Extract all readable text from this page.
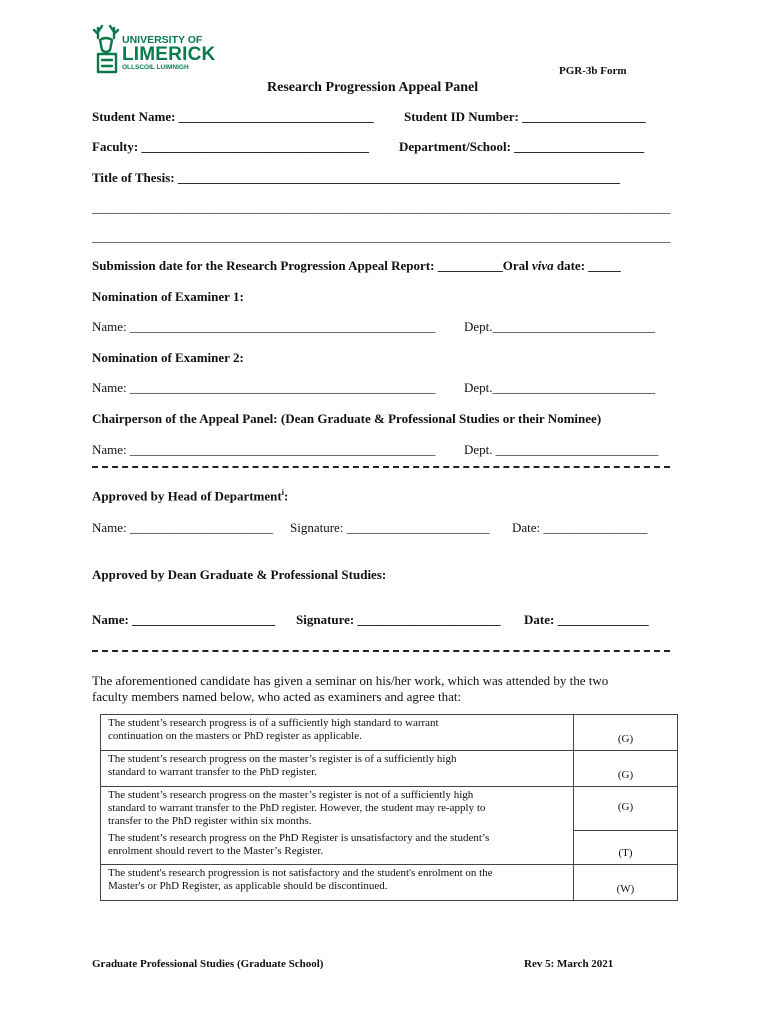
UNIVERSITY OF
LIMERICK
OLLSCOIL LUIMNIGH	PGR-3b Form
Research Progression Appeal Panel
Student Name: ______________________________ Student ID Number: ___________________
Faculty: ___________________________________ Department/School: ____________________
Title of Thesis: ____________________________________________________________________
_________________________________________________________________________________________
_________________________________________________________________________________________
Submission date for the Research Progression Appeal Report: __________Oral viva date: _____
Nomination of Examiner 1:
Name: _______________________________________________ Dept._________________________
Nomination of Examiner 2:
Name: _______________________________________________ Dept._________________________
Chairperson of the Appeal Panel: (Dean Graduate & Professional Studies or their Nominee)
Name: _______________________________________________ Dept. _________________________
Approved by Head of Department$^i$:
Name: ______________________ Signature: ______________________ Date: ________________
Approved by Dean Graduate & Professional Studies:
Name: ______________________ Signature: ______________________ Date: ______________
The aforementioned candidate has given a seminar on his/her work, which was attended by the two
faculty members named below, who acted as examiners and agree that:
The student’s research progress is of a sufficiently high standard to warrant
continuation on the masters or PhD register as applicable.	(G)

The student’s research progress on the master’s register is of a sufficiently high
standard to warrant transfer to the PhD register.	(G)

The student’s research progress on the master’s register is not of a sufficiently high
standard to warrant transfer to the PhD register. However, the student may re-apply to
transfer to the PhD register within six months.	(G)

The student’s research progress on the PhD Register is unsatisfactory and the student’s
enrolment should revert to the Master’s Register.	(T)

The student's research progression is not satisfactory and the student's enrolment on the
Master's or PhD Register, as applicable should be discontinued.	(W)
Graduate Professional Studies (Graduate School)	Rev 5: March 2021
